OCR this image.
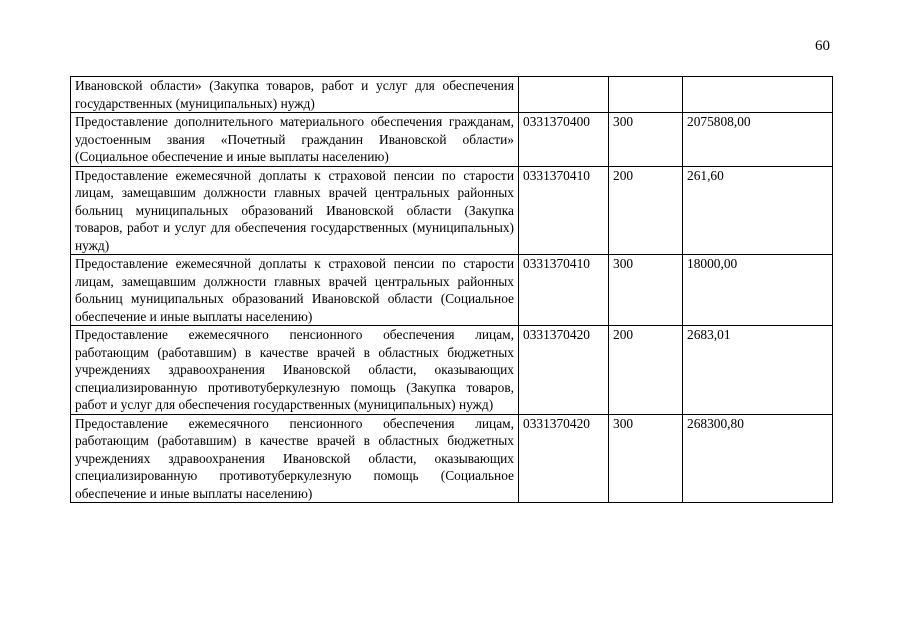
60
Ивановской области» (Закупка товаров, работ и услуг для обеспечения государственных (муниципальных) нужд)			
Предоставление дополнительного материального обеспечения гражданам, удостоенным звания «Почетный гражданин Ивановской области» (Социальное обеспечение и иные выплаты населению)	0331370400	300	2075808,00
Предоставление ежемесячной доплаты к страховой пенсии по старости лицам, замещавшим должности главных врачей центральных районных больниц муниципальных образований Ивановской области (Закупка товаров, работ и услуг для обеспечения государственных (муниципальных) нужд)	0331370410	200	261,60
Предоставление ежемесячной доплаты к страховой пенсии по старости лицам, замещавшим должности главных врачей центральных районных больниц муниципальных образований Ивановской области (Социальное обеспечение и иные выплаты населению)	0331370410	300	18000,00
Предоставление ежемесячного пенсионного обеспечения лицам, работающим (работавшим) в качестве врачей в областных бюджетных учреждениях здравоохранения Ивановской области, оказывающих специализированную противотуберкулезную помощь (Закупка товаров, работ и услуг для обеспечения государственных (муниципальных) нужд)	0331370420	200	2683,01
Предоставление ежемесячного пенсионного обеспечения лицам, работающим (работавшим) в качестве врачей в областных бюджетных учреждениях здравоохранения Ивановской области, оказывающих специализированную противотуберкулезную помощь (Социальное обеспечение и иные выплаты населению)	0331370420	300	268300,80
